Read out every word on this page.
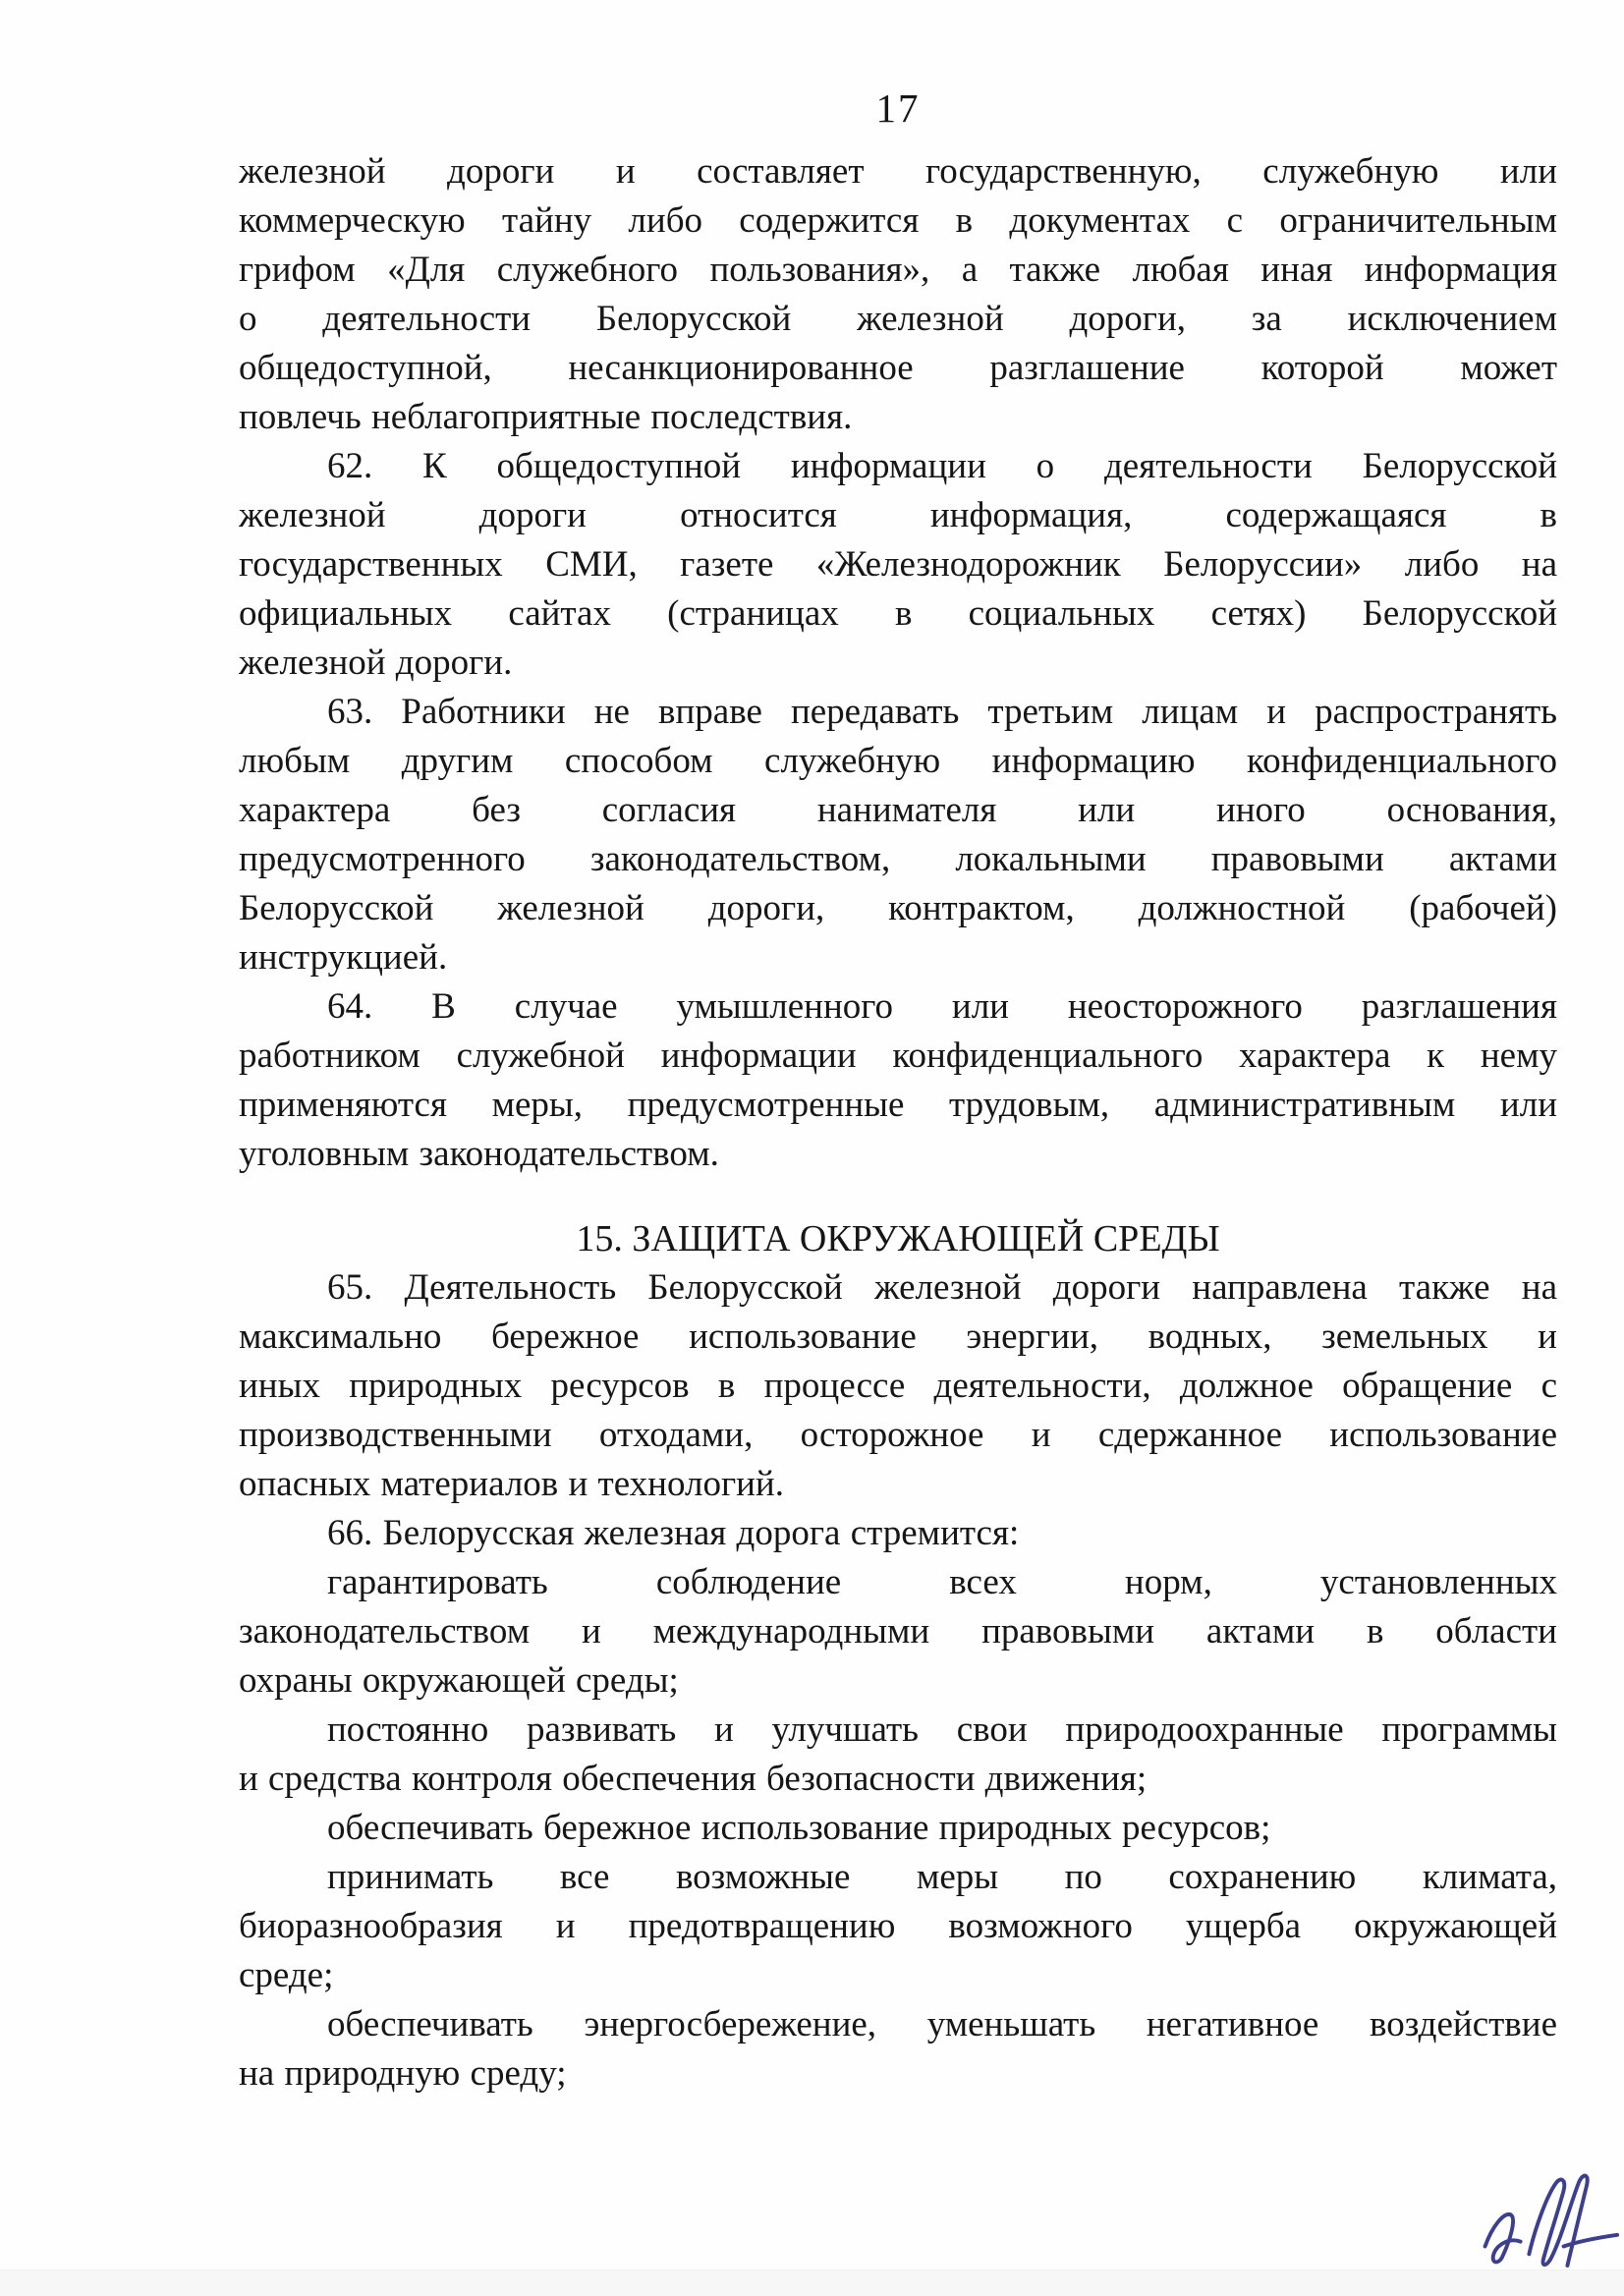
17
железной дороги и составляет государственную, служебную или
коммерческую тайну либо содержится в документах с ограничительным
грифом «Для служебного пользования», а также любая иная информация
о деятельности Белорусской железной дороги, за исключением
общедоступной, несанкционированное разглашение которой может
повлечь неблагоприятные последствия.
62. К общедоступной информации о деятельности Белорусской
железной дороги относится информация, содержащаяся в
государственных СМИ, газете «Железнодорожник Белоруссии» либо на
официальных сайтах (страницах в социальных сетях) Белорусской
железной дороги.
63. Работники не вправе передавать третьим лицам и распространять
любым другим способом служебную информацию конфиденциального
характера без согласия нанимателя или иного основания,
предусмотренного законодательством, локальными правовыми актами
Белорусской железной дороги, контрактом, должностной (рабочей)
инструкцией.
64. В случае умышленного или неосторожного разглашения
работником служебной информации конфиденциального характера к нему
применяются меры, предусмотренные трудовым, административным или
уголовным законодательством.
15. ЗАЩИТА ОКРУЖАЮЩЕЙ СРЕДЫ
65. Деятельность Белорусской железной дороги направлена также на
максимально бережное использование энергии, водных, земельных и
иных природных ресурсов в процессе деятельности, должное обращение с
производственными отходами, осторожное и сдержанное использование
опасных материалов и технологий.
66. Белорусская железная дорога стремится:
гарантировать соблюдение всех норм, установленных
законодательством и международными правовыми актами в области
охраны окружающей среды;
постоянно развивать и улучшать свои природоохранные программы
и средства контроля обеспечения безопасности движения;
обеспечивать бережное использование природных ресурсов;
принимать все возможные меры по сохранению климата,
биоразнообразия и предотвращению возможного ущерба окружающей
среде;
обеспечивать энергосбережение, уменьшать негативное воздействие
на природную среду;
